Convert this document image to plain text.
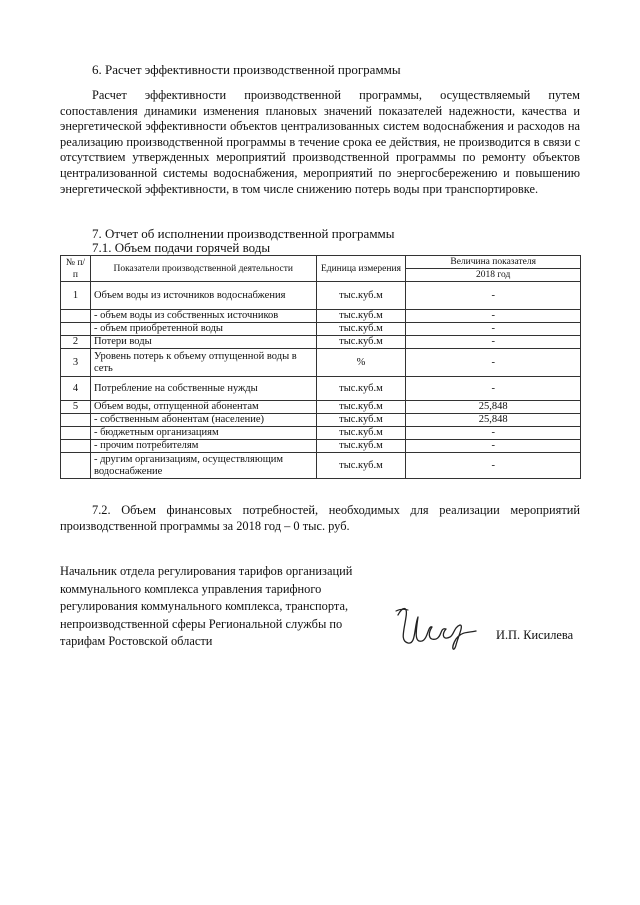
6. Расчет эффективности производственной программы
Расчет эффективности производственной программы, осуществляемый путем сопоставления динамики изменения плановых значений показателей надежности, качества и энергетической эффективности объектов централизованных систем водоснабжения и расходов на реализацию производственной программы в течение срока ее действия, не производится в связи с отсутствием утвержденных мероприятий производственной программы по ремонту объектов централизованной системы водоснабжения, мероприятий по энергосбережению и повышению энергетической эффективности, в том числе снижению потерь воды при транспортировке.
7. Отчет об исполнении производственной программы
7.1. Объем подачи горячей воды
№ п/п	Показатели производственной деятельности	Единица измерения	Величина показателя
			2018 год
1	Объем воды из источников водоснабжения	тыс.куб.м	-
	- объем воды из собственных источников	тыс.куб.м	-
	- объем приобретенной воды	тыс.куб.м	-
2	Потери воды	тыс.куб.м	-
3	Уровень потерь к объему отпущенной воды в сеть	%	-
4	Потребление на собственные нужды	тыс.куб.м	-
5	Объем воды, отпущенной абонентам	тыс.куб.м	25,848
	- собственным абонентам (население)	тыс.куб.м	25,848
	- бюджетным организациям	тыс.куб.м	-
	- прочим потребителям	тыс.куб.м	-
	- другим организациям, осуществляющим водоснабжение	тыс.куб.м	-
7.2. Объем финансовых потребностей, необходимых для реализации мероприятий производственной программы за 2018 год – 0 тыс. руб.
Начальник отдела регулирования тарифов организаций
коммунального комплекса управления тарифного
регулирования коммунального комплекса, транспорта,
непроизводственной сферы Региональной службы по
тарифам Ростовской области	И.П. Кисилева
